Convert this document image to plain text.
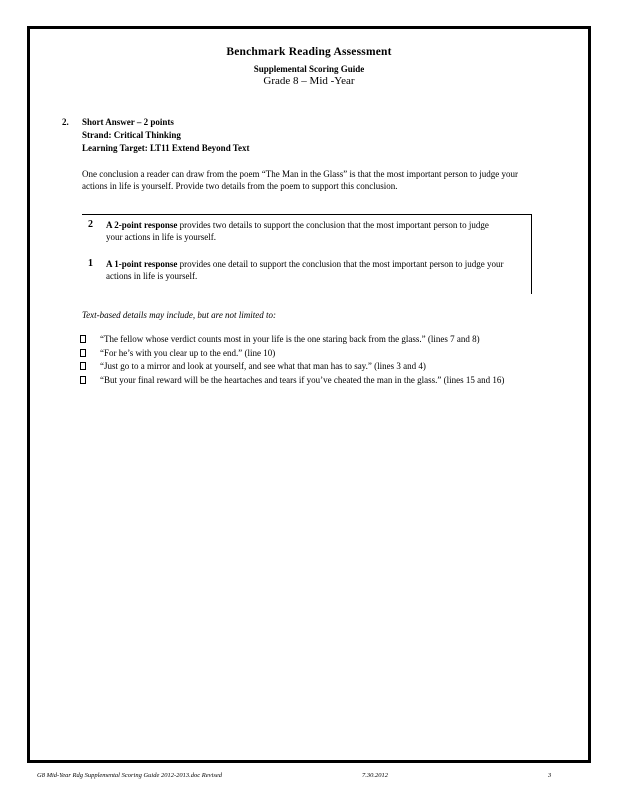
Benchmark Reading Assessment
Supplemental Scoring Guide
Grade 8 – Mid -Year
2. Short Answer – 2 points
Strand: Critical Thinking
Learning Target: LT11 Extend Beyond Text
One conclusion a reader can draw from the poem “The Man in the Glass” is that the most important person to judge your actions in life is yourself. Provide two details from the poem to support this conclusion.
2 A 2-point response provides two details to support the conclusion that the most important person to judge your actions in life is yourself.
1 A 1-point response provides one detail to support the conclusion that the most important person to judge your actions in life is yourself.
Text-based details may include, but are not limited to:
“The fellow whose verdict counts most in your life is the one staring back from the glass.” (lines 7 and 8)
“For he’s with you clear up to the end.” (line 10)
“Just go to a mirror and look at yourself, and see what that man has to say.” (lines 3 and 4)
“But your final reward will be the heartaches and tears if you’ve cheated the man in the glass.” (lines 15 and 16)
G8 Mid-Year Rdg Supplemental Scoring Guide 2012-2013.doc Revised	7.30.2012	3
